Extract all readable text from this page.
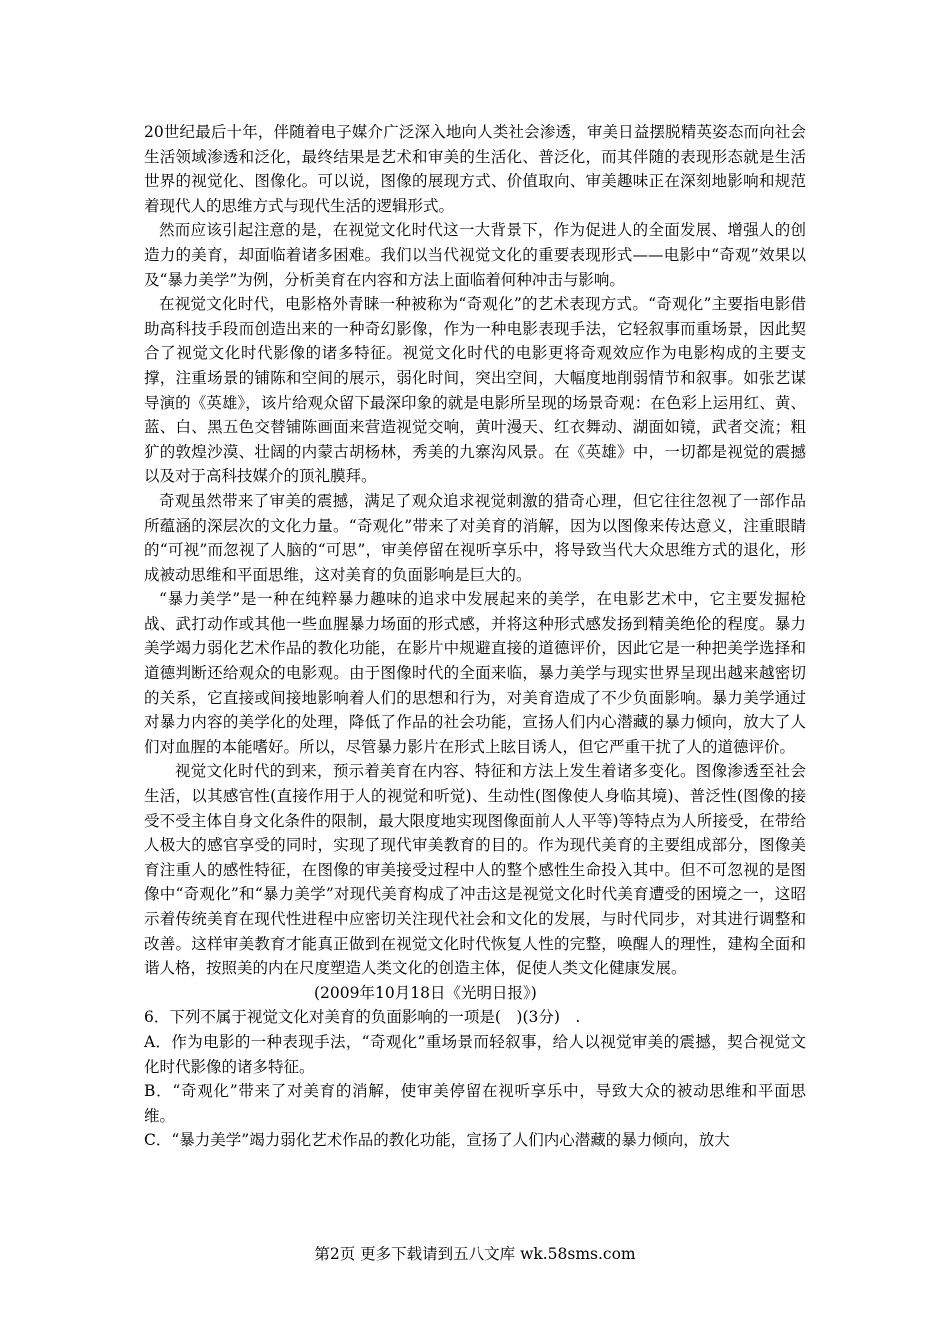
20世纪最后十年，伴随着电子媒介广泛深入地向人类社会渗透，审美日益摆脱精英姿态而向社会生活领域渗透和泛化，最终结果是艺术和审美的生活化、普泛化，而其伴随的表现形态就是生活世界的视觉化、图像化。可以说，图像的展现方式、价值取向、审美趣味正在深刻地影响和规范着现代人的思维方式与现代生活的逻辑形式。

然而应该引起注意的是，在视觉文化时代这一大背景下，作为促进人的全面发展、增强人的创造力的美育，却面临着诸多困难。我们以当代视觉文化的重要表现形式——电影中“奇观”效果以及“暴力美学”为例，分析美育在内容和方法上面临着何种冲击与影响。

在视觉文化时代，电影格外青睐一种被称为“奇观化”的艺术表现方式。“奇观化”主要指电影借助高科技手段而创造出来的一种奇幻影像，作为一种电影表现手法，它轻叙事而重场景，因此契合了视觉文化时代影像的诸多特征。视觉文化时代的电影更将奇观效应作为电影构成的主要支撑，注重场景的铺陈和空间的展示，弱化时间，突出空间，大幅度地削弱情节和叙事。如张艺谋导演的《英雄》，该片给观众留下最深印象的就是电影所呈现的场景奇观：在色彩上运用红、黄、蓝、白、黑五色交替铺陈画面来营造视觉交响，黄叶漫天、红衣舞动、湖面如镜，武者交流；粗犷的敦煌沙漠、壮阔的内蒙古胡杨林，秀美的九寨沟风景。在《英雄》中，一切都是视觉的震撼以及对于高科技媒介的顶礼膜拜。

奇观虽然带来了审美的震撼，满足了观众追求视觉刺激的猎奇心理，但它往往忽视了一部作品所蕴涵的深层次的文化力量。“奇观化”带来了对美育的消解，因为以图像来传达意义，注重眼睛的“可视”而忽视了人脑的“可思”，审美停留在视听享乐中，将导致当代大众思维方式的退化，形成被动思维和平面思维，这对美育的负面影响是巨大的。

“暴力美学”是一种在纯粹暴力趣味的追求中发展起来的美学，在电影艺术中，它主要发掘枪战、武打动作或其他一些血腥暴力场面的形式感，并将这种形式感发扬到精美绝伦的程度。暴力美学竭力弱化艺术作品的教化功能，在影片中规避直接的道德评价，因此它是一种把美学选择和道德判断还给观众的电影观。由于图像时代的全面来临，暴力美学与现实世界呈现出越来越密切的关系，它直接或间接地影响着人们的思想和行为，对美育造成了不少负面影响。暴力美学通过对暴力内容的美学化的处理，降低了作品的社会功能，宣扬人们内心潜藏的暴力倾向，放大了人们对血腥的本能嗜好。所以，尽管暴力影片在形式上眩目诱人，但它严重干扰了人的道德评价。

视觉文化时代的到来，预示着美育在内容、特征和方法上发生着诸多变化。图像渗透至社会生活，以其感官性(直接作用于人的视觉和听觉)、生动性(图像使人身临其境)、普泛性(图像的接受不受主体自身文化条件的限制，最大限度地实现图像面前人人平等)等特点为人所接受，在带给人极大的感官享受的同时，实现了现代审美教育的目的。作为现代美育的主要组成部分，图像美育注重人的感性特征，在图像的审美接受过程中人的整个感性生命投入其中。但不可忽视的是图像中“奇观化”和“暴力美学”对现代美育构成了冲击这是视觉文化时代美育遭受的困境之一，这昭示着传统美育在现代性进程中应密切关注现代社会和文化的发展，与时代同步，对其进行调整和改善。这样审美教育才能真正做到在视觉文化时代恢复人性的完整，唤醒人的理性，建构全面和谐人格，按照美的内在尺度塑造人类文化的创造主体，促使人类文化健康发展。

(2009年10月18日《光明日报》)

6．下列不属于视觉文化对美育的负面影响的一项是(　)(3分)　.

A．作为电影的一种表现手法，“奇观化”重场景而轻叙事，给人以视觉审美的震撼，契合视觉文化时代影像的诸多特征。

B．“奇观化”带来了对美育的消解，使审美停留在视听享乐中，导致大众的被动思维和平面思维。

C．“暴力美学”竭力弱化艺术作品的教化功能，宣扬了人们内心潜藏的暴力倾向，放大

第2页 更多下载请到五八文库 wk.58sms.com
